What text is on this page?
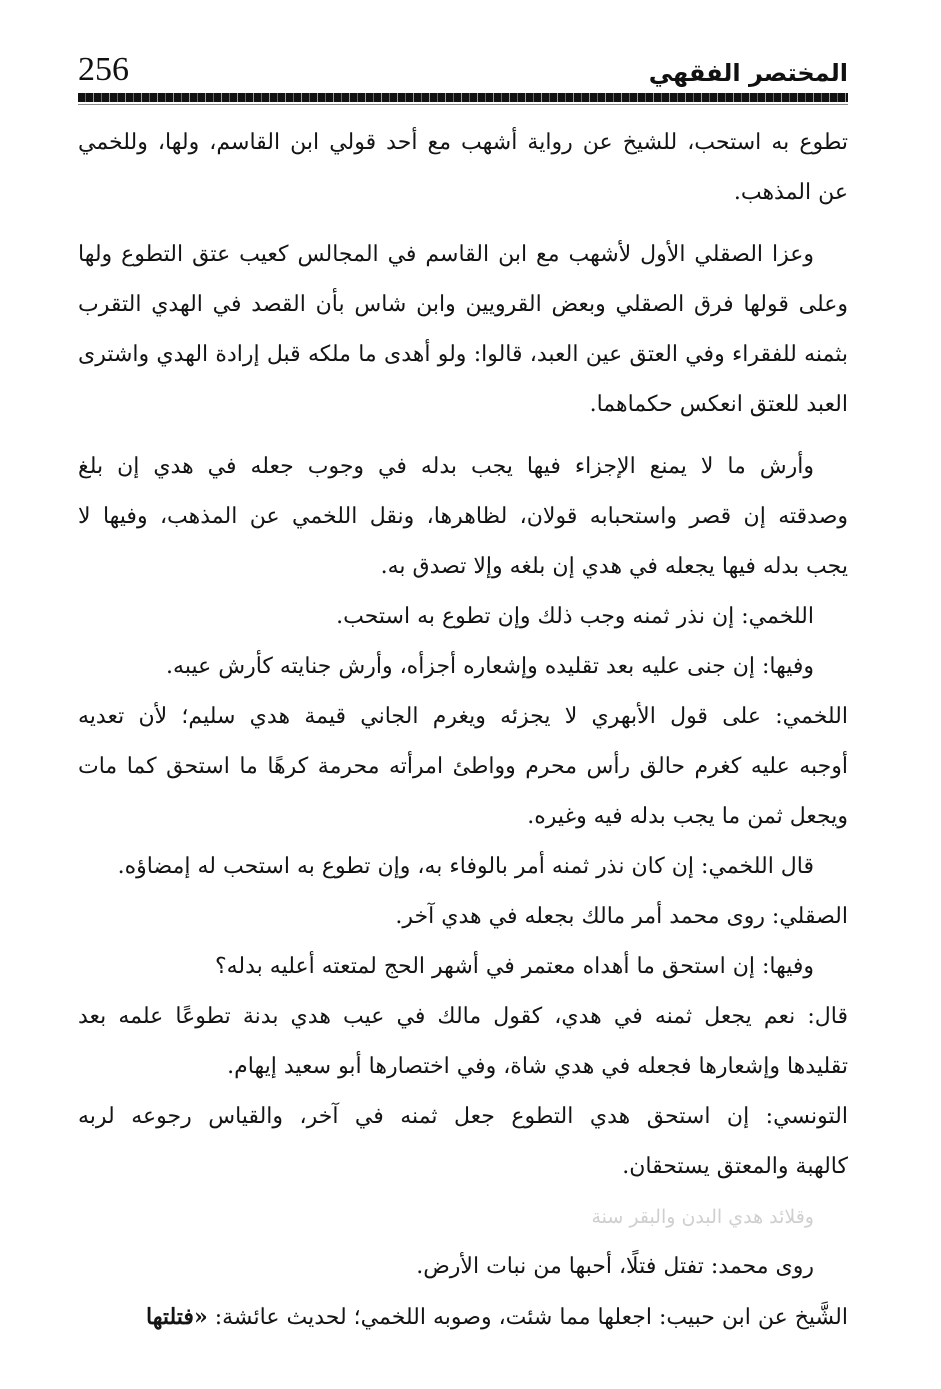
256	المختصر الفقهي
تطوع به استحب، للشيخ عن رواية أشهب مع أحد قولي ابن القاسم، ولها، وللخمي
عن المذهب.
وعزا الصقلي الأول لأشهب مع ابن القاسم في المجالس كعيب عتق التطوع ولها
وعلى قولها فرق الصقلي وبعض القرويين وابن شاس بأن القصد في الهدي التقرب
بثمنه للفقراء وفي العتق عين العبد، قالوا: ولو أهدى ما ملكه قبل إرادة الهدي واشترى
العبد للعتق انعكس حكماهما.
وأرش ما لا يمنع الإجزاء فيها يجب بدله في وجوب جعله في هدي إن بلغ
وصدقته إن قصر واستحبابه قولان، لظاهرها، ونقل اللخمي عن المذهب، وفيها لا
يجب بدله فيها يجعله في هدي إن بلغه وإلا تصدق به.
اللخمي: إن نذر ثمنه وجب ذلك وإن تطوع به استحب.
وفيها: إن جنى عليه بعد تقليده وإشعاره أجزأه، وأرش جنايته كأرش عيبه.
اللخمي: على قول الأبهري لا يجزئه ويغرم الجاني قيمة هدي سليم؛ لأن تعديه
أوجبه عليه كغرم حالق رأس محرم وواطئ امرأته محرمة كرهًا ما استحق كما مات
ويجعل ثمن ما يجب بدله فيه وغيره.
قال اللخمي: إن كان نذر ثمنه أمر بالوفاء به، وإن تطوع به استحب له إمضاؤه.
الصقلي: روى محمد أمر مالك بجعله في هدي آخر.
وفيها: إن استحق ما أهداه معتمر في أشهر الحج لمتعته أعليه بدله؟
قال: نعم يجعل ثمنه في هدي، كقول مالك في عيب هدي بدنة تطوعًا علمه بعد
تقليدها وإشعارها فجعله في هدي شاة، وفي اختصارها أبو سعيد إيهام.
التونسي: إن استحق هدي التطوع جعل ثمنه في آخر، والقياس رجوعه لربه
كالهبة والمعتق يستحقان.
وقلائد هدي البدن والبقر سنة
روى محمد: تفتل فتلًا، أحبها من نبات الأرض.
الشَّيخ عن ابن حبيب: اجعلها مما شئت، وصوبه اللخمي؛ لحديث عائشة: «فتلتها
